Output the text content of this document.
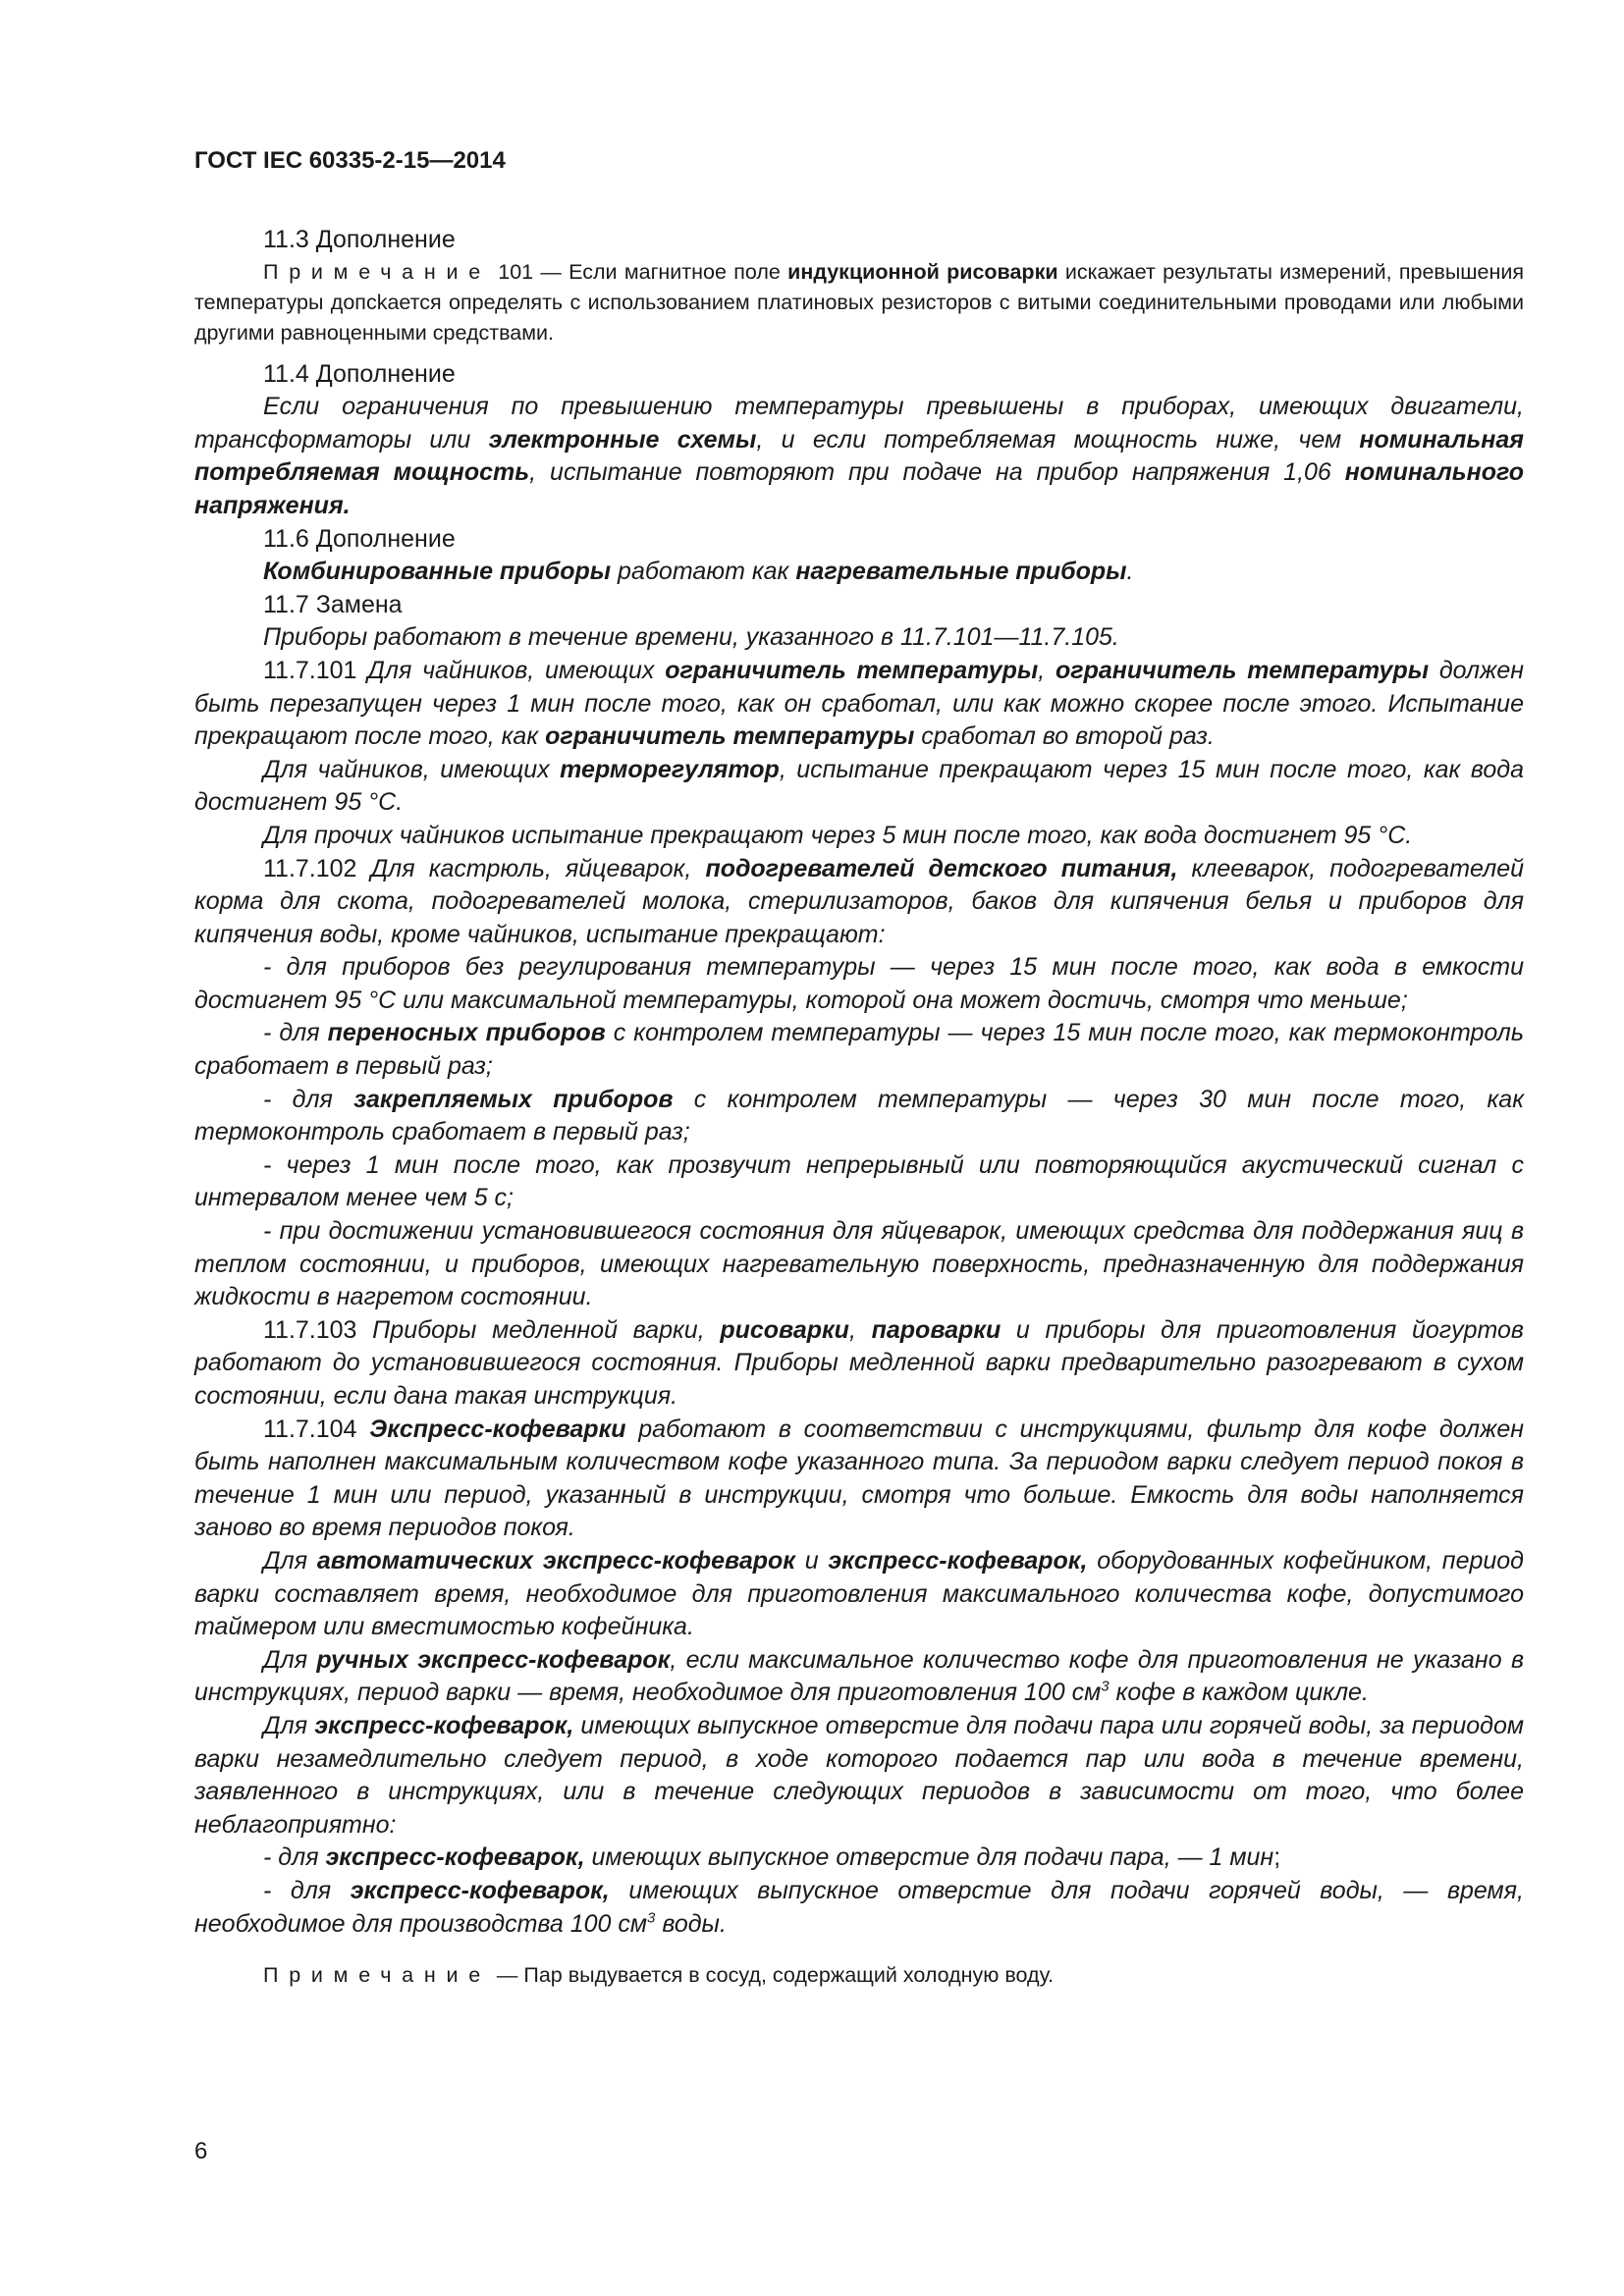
ГОСТ IEC 60335-2-15—2014

11.3 Дополнение

Примечание 101 — Если магнитное поле индукционной рисоварки искажает результаты измерений, превышения температуры допсkается определять с использованием платиновых резисторов с витыми соединительными проводами или любыми другими равноценными средствами.

11.4 Дополнение

Если ограничения по превышению температуры превышены в приборах, имеющих двигатели, трансформаторы или электронные схемы, и если потребляемая мощность ниже, чем номинальная потребляемая мощность, испытание повторяют при подаче на прибор напряжения 1,06 номинального напряжения.

11.6 Дополнение

Комбинированные приборы работают как нагревательные приборы.

11.7 Замена

Приборы работают в течение времени, указанного в 11.7.101—11.7.105.

11.7.101 Для чайников, имеющих ограничитель температуры, ограничитель температуры должен быть перезапущен через 1 мин после того, как он сработал, или как можно скорее после этого. Испытание прекращают после того, как ограничитель температуры сработал во второй раз.

Для чайников, имеющих терморегулятор, испытание прекращают через 15 мин после того, как вода достигнет 95 °С.

Для прочих чайников испытание прекращают через 5 мин после того, как вода достигнет 95 °С.

11.7.102 Для кастрюль, яйцеварок, подогревателей детского питания, клееварок, подогревателей корма для скота, подогревателей молока, стерилизаторов, баков для кипячения белья и приборов для кипячения воды, кроме чайников, испытание прекращают:

- для приборов без регулирования температуры — через 15 мин после того, как вода в емкости достигнет 95 °С или максимальной температуры, которой она может достичь, смотря что меньше;

- для переносных приборов с контролем температуры — через 15 мин после того, как термоконтроль сработает в первый раз;

- для закрепляемых приборов с контролем температуры — через 30 мин после того, как термоконтроль сработает в первый раз;

- через 1 мин после того, как прозвучит непрерывный или повторяющийся акустический сигнал с интервалом менее чем 5 с;

- при достижении установившегося состояния для яйцеварок, имеющих средства для поддержания яиц в теплом состоянии, и приборов, имеющих нагревательную поверхность, предназначенную для поддержания жидкости в нагретом состоянии.

11.7.103 Приборы медленной варки, рисоварки, пароварки и приборы для приготовления йогуртов работают до установившегося состояния. Приборы медленной варки предварительно разогревают в сухом состоянии, если дана такая инструкция.

11.7.104 Экспресс-кофеварки работают в соответствии с инструкциями, фильтр для кофе должен быть наполнен максимальным количеством кофе указанного типа. За периодом варки следует период покоя в течение 1 мин или период, указанный в инструкции, смотря что больше. Емкость для воды наполняется заново во время периодов покоя.

Для автоматических экспресс-кофеварок и экспресс-кофеварок, оборудованных кофейником, период варки составляет время, необходимое для приготовления максимального количества кофе, допустимого таймером или вместимостью кофейника.

Для ручных экспресс-кофеварок, если максимальное количество кофе для приготовления не указано в инструкциях, период варки — время, необходимое для приготовления 100 $см^3$ кофе в каждом цикле.

Для экспресс-кофеварок, имеющих выпускное отверстие для подачи пара или горячей воды, за периодом варки незамедлительно следует период, в ходе которого подается пар или вода в течение времени, заявленного в инструкциях, или в течение следующих периодов в зависимости от того, что более неблагоприятно:

- для экспресс-кофеварок, имеющих выпускное отверстие для подачи пара, — 1 мин;

- для экспресс-кофеварок, имеющих выпускное отверстие для подачи горячей воды, — время, необходимое для производства 100 $см^3$ воды.

Примечание — Пар выдувается в сосуд, содержащий холодную воду.

6
